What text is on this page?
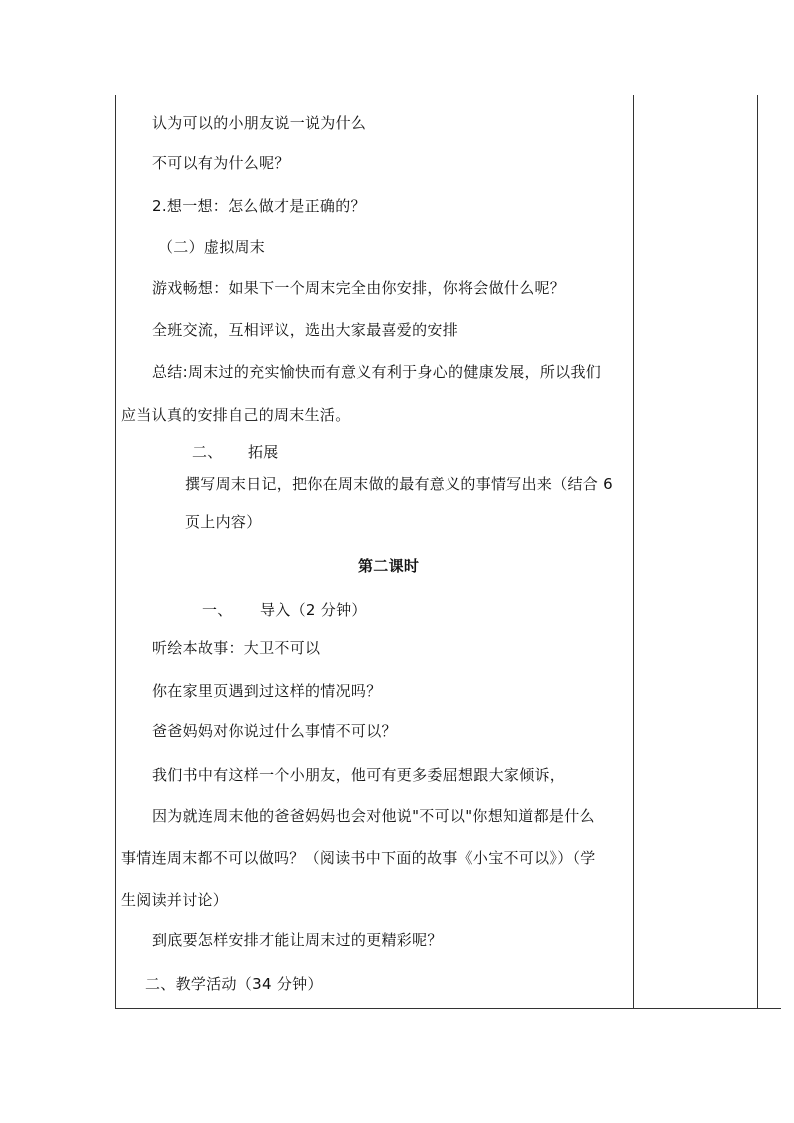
认为可以的小朋友说一说为什么
不可以有为什么呢？
2.想一想：怎么做才是正确的？
（二）虚拟周末
游戏畅想：如果下一个周末完全由你安排，你将会做什么呢？
全班交流，互相评议，选出大家最喜爱的安排
总结:周末过的充实愉快而有意义有利于身心的健康发展，所以我们
应当认真的安排自己的周末生活。
二、 拓展
撰写周末日记，把你在周末做的最有意义的事情写出来（结合 6
页上内容）
第二课时
一、 导入（2 分钟）
听绘本故事：大卫不可以
你在家里页遇到过这样的情况吗？
爸爸妈妈对你说过什么事情不可以？
我们书中有这样一个小朋友，他可有更多委屈想跟大家倾诉，
因为就连周末他的爸爸妈妈也会对他说"不可以"你想知道都是什么
事情连周末都不可以做吗？（阅读书中下面的故事《小宝不可以》）（学
生阅读并讨论）
到底要怎样安排才能让周末过的更精彩呢？
二、教学活动（34 分钟）
